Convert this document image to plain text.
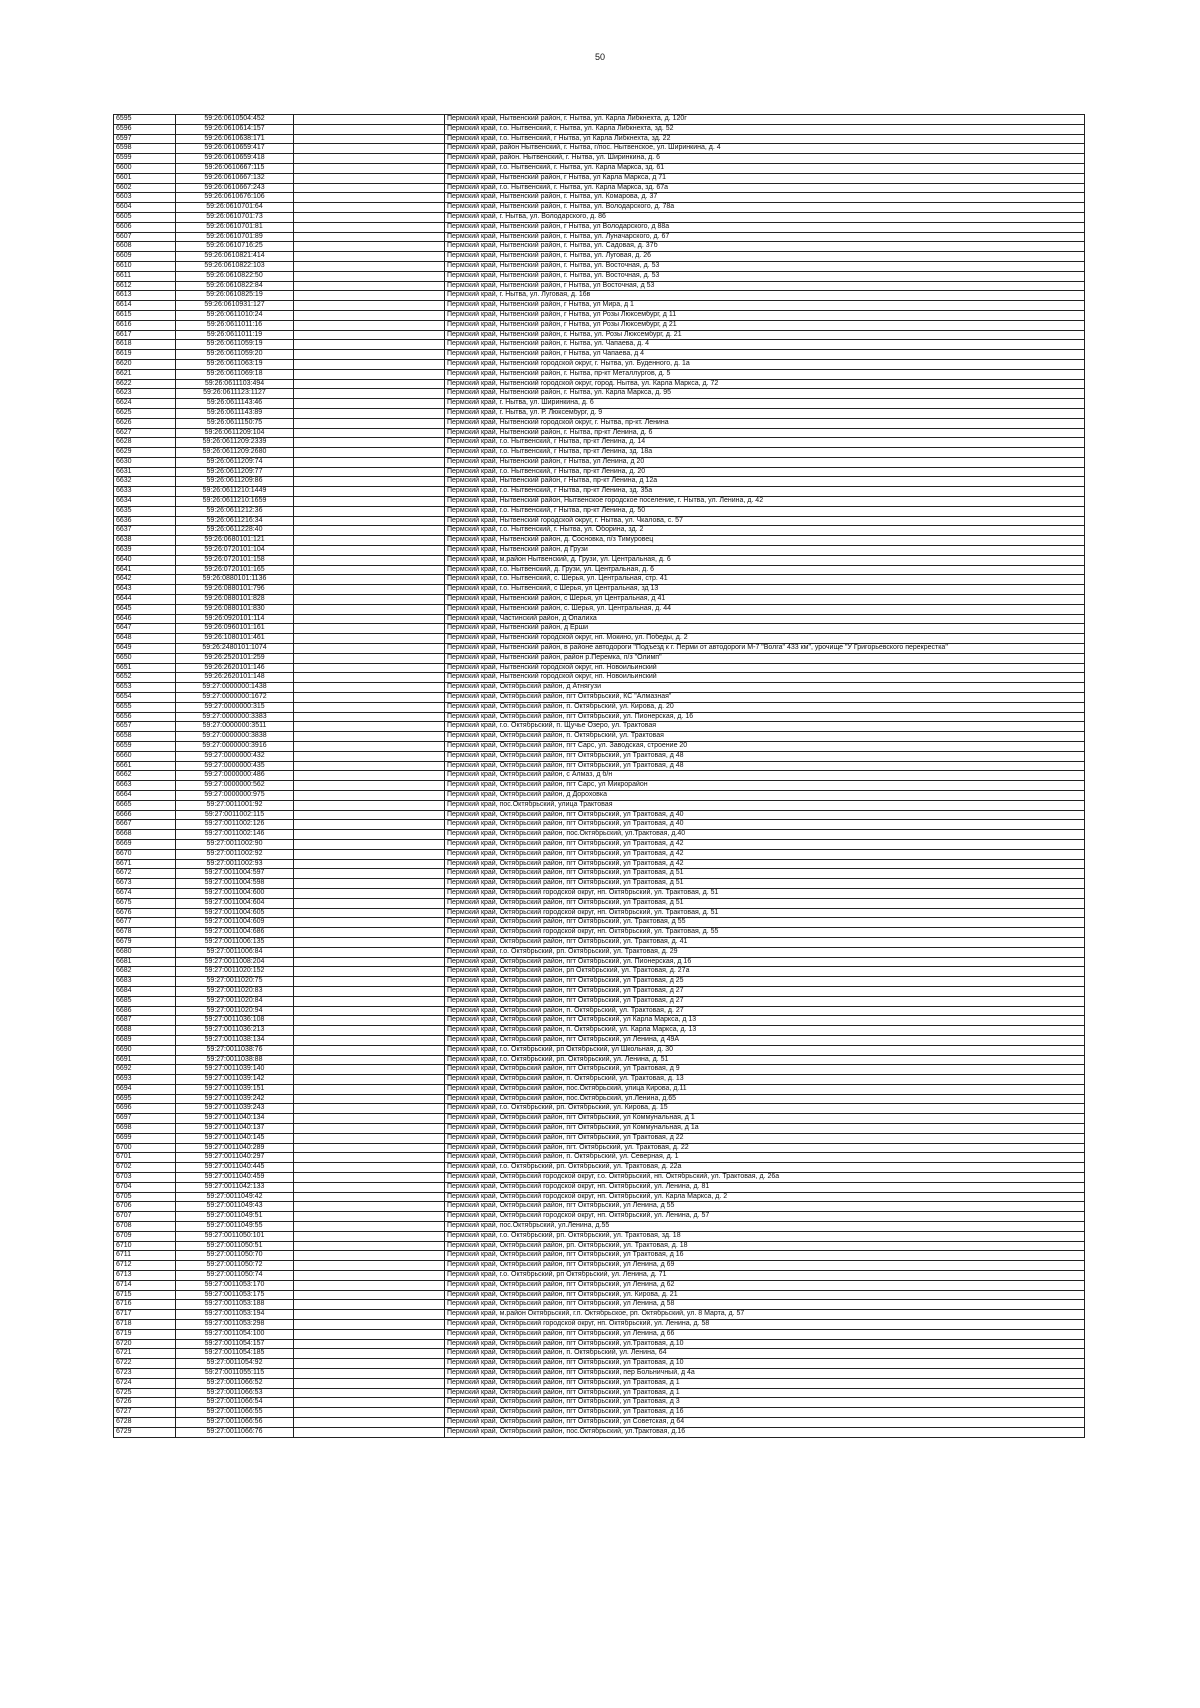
50
6595	59:26:0610504:452		Пермский край, Нытвенский район, г. Нытва, ул. Карла Либкнехта, д. 120г
6596	59:26:0610614:157		Пермский край, г.о. Нытвенский, г. Нытва, ул. Карла Либкнехта, зд. 52
6597	59:26:0610638:171		Пермский край, г.о. Нытвенский, г Нытва, ул Карла Либкнехта, зд. 22
6598	59:26:0610659:417		Пермский край, район Нытвенский, г. Нытва, г/пос. Нытвенское, ул. Ширинкина, д. 4
6599	59:26:0610659:418		Пермский край, район. Нытвенский, г. Нытва, ул. Ширинкина, д. 6
6600	59:26:0610667:115		Пермский край, г.о. Нытвенский, г. Нытва, ул. Карла Маркса, зд. 61
6601	59:26:0610667:132		Пермский край, Нытвенский район, г Нытва, ул Карла Маркса, д 71
6602	59:26:0610667:243		Пермский край, г.о. Нытвенский, г. Нытва, ул. Карла Маркса, зд. 67а
6603	59:26:0610676:106		Пермский край, Нытвенский район, г. Нытва, ул. Комарова, д. 37
6604	59:26:0610701:64		Пермский край, Нытвенский район, г. Нытва, ул. Володарского, д. 78а
6605	59:26:0610701:73		Пермский край, г. Нытва, ул. Володарского, д. 86
6606	59:26:0610701:81		Пермский край, Нытвенский район, г Нытва, ул Володарского, д 88а
6607	59:26:0610701:89		Пермский край, Нытвенский район, г. Нытва, ул. Луначарского, д. 67
6608	59:26:0610716:25		Пермский край, Нытвенский район, г. Нытва, ул. Садовая, д. 37б
6609	59:26:0610821:414		Пермский край, Нытвенский район, г. Нытва, ул. Луговая, д. 26
6610	59:26:0610822:103		Пермский край, Нытвенский район, г. Нытва, ул. Восточная, д. 53
6611	59:26:0610822:50		Пермский край, Нытвенский район, г. Нытва, ул. Восточная, д. 53
6612	59:26:0610822:84		Пермский край, Нытвенский район, г Нытва, ул Восточная, д 53
6613	59:26:0610825:19		Пермский край, г. Нытва, ул. Луговая, д. 16в
6614	59:26:0610931:127		Пермский край, Нытвенский район, г Нытва, ул Мира, д 1
6615	59:26:0611010:24		Пермский край, Нытвенский район, г Нытва, ул Розы Люксембург, д 11
6616	59:26:0611011:16		Пермский край, Нытвенский район, г Нытва, ул Розы Люксембург, д 21
6617	59:26:0611011:19		Пермский край, Нытвенский район, г. Нытва, ул. Розы Люксембург, д. 21
6618	59:26:0611059:19		Пермский край, Нытвенский район, г. Нытва, ул. Чапаева, д. 4
6619	59:26:0611059:20		Пермский край, Нытвенский район, г Нытва, ул Чапаева, д 4
6620	59:26:0611063:19		Пермский край, Нытвенский городской округ, г. Нытва, ул. Буденного, д. 1а
6621	59:26:0611069:18		Пермский край, Нытвенский район, г. Нытва, пр-кт Металлургов, д. 5
6622	59:26:0611103:494		Пермский край, Нытвенский городской округ, город. Нытва, ул. Карла Маркса, д. 72
6623	59:26:0611123:1127		Пермский край, Нытвенский район, г. Нытва, ул. Карла Маркса, д. 95
6624	59:26:0611143:46		Пермский край, г. Нытва, ул. Ширинкина, д. 6
6625	59:26:0611143:89		Пермский край, г. Нытва, ул. Р. Люксембург, д. 9
6626	59:26:0611150:75		Пермский край, Нытвенский городской округ, г. Нытва, пр-кт. Ленина
6627	59:26:0611209:104		Пермский край, Нытвенский район, г. Нытва, пр-кт Ленина, д. 6
6628	59:26:0611209:2339		Пермский край, г.о. Нытвенский, г Нытва, пр-кт Ленина, д. 14
6629	59:26:0611209:2680		Пермский край, г.о. Нытвенский, г Нытва, пр-кт Ленина, зд. 18а
6630	59:26:0611209:74		Пермский край, Нытвенский район, г Нытва, ул Ленина, д 20
6631	59:26:0611209:77		Пермский край, г.о. Нытвенский, г Нытва, пр-кт Ленина, д. 20
6632	59:26:0611209:86		Пермский край, Нытвенский район, г Нытва, пр-кт Ленина, д 12а
6633	59:26:0611210:1449		Пермский край, г.о. Нытвенский, г Нытва, пр-кт Ленина, зд. 35а
6634	59:26:0611210:1659		Пермский край, Нытвенский район, Нытвенское городское поселение, г. Нытва, ул. Ленина, д. 42
6635	59:26:0611212:36		Пермский край, г.о. Нытвенский, г Нытва, пр-кт Ленина, д. 50
6636	59:26:0611216:34		Пермский край, Нытвенский городской округ, г. Нытва, ул. Чкалова, с. 57
6637	59:26:0611228:40		Пермский край, г.о. Нытвенский, г. Нытва, ул. Оборина, зд. 2
6638	59:26:0680101:121		Пермский край, Нытвенский район, д. Сосновка, п/з Тимуровец
6639	59:26:0720101:104		Пермский край, Нытвенский район, д Грузи
6640	59:26:0720101:158		Пермский край, м.район Нытвенский, д. Грузи, ул. Центральная, д. 6
6641	59:26:0720101:165		Пермский край, г.о. Нытвенский, д. Грузи, ул. Центральная, д. 6
6642	59:26:0880101:1136		Пермский край, г.о. Нытвенский, с. Шерья, ул. Центральная, стр. 41
6643	59:26:0880101:796		Пермский край, г.о. Нытвенский, с Шерья, ул Центральная, зд 13
6644	59:26:0880101:828		Пермский край, Нытвенский район, с Шерья, ул Центральная, д 41
6645	59:26:0880101:830		Пермский край, Нытвенский район, с. Шерья, ул. Центральная, д. 44
6646	59:26:0920101:114		Пермский край, Частинский район, д Опалиха
6647	59:26:0960101:161		Пермский край, Нытвенский район, д Ерши
6648	59:26:1080101:461		Пермский край, Нытвенский городской округ, нп. Мокино, ул. Победы, д. 2
6649	59:26:2480101:1074		Пермский край, Нытвенский район, в районе автодороги "Подъезд к г. Перми от автодороги М-7 "Волга" 433 км", урочище "У Григорьевского перекрестка"
6650	59:26:2520101:259		Пермский край, Нытвенский район, район р.Перемка, п/з "Олимп"
6651	59:26:2620101:146		Пермский край, Нытвенский городской округ, нп. Новоильинский
6652	59:26:2620101:148		Пермский край, Нытвенский городской округ, нп. Новоильинский
6653	59:27:0000000:1438		Пермский край, Октябрьский район, д Атнягузи
6654	59:27:0000000:1672		Пермский край, Октябрьский район, пгт Октябрьский, КС "Алмазная"
6655	59:27:0000000:315		Пермский край, Октябрьский район, п. Октябрьский, ул. Кирова, д. 20
6656	59:27:0000000:3383		Пермский край, Октябрьский район, пгт Октябрьский, ул. Пионерская, д. 16
6657	59:27:0000000:3511		Пермский край, г.о. Октябрьский, п. Щучье Озеро, ул. Трактовая
6658	59:27:0000000:3838		Пермский край, Октябрьский район, п. Октябрьский, ул. Трактовая
6659	59:27:0000000:3916		Пермский край, Октябрьский район, пгт Сарс, ул. Заводская, строение 20
6660	59:27:0000000:432		Пермский край, Октябрьский район, пгт Октябрьский, ул Трактовая, д 48
6661	59:27:0000000:435		Пермский край, Октябрьский район, пгт Октябрьский, ул Трактовая, д 48
6662	59:27:0000000:486		Пермский край, Октябрьский район, с Алмаз, д б/н
6663	59:27:0000000:562		Пермский край, Октябрьский район, пгт Сарс, ул Микрорайон
6664	59:27:0000000:975		Пермский край, Октябрьский район, д Дороховка
6665	59:27:0011001:92		Пермский край, пос.Октябрьский, улица Трактовая
6666	59:27:0011002:115		Пермский край, Октябрьский район, пгт Октябрьский, ул Трактовая, д 40
6667	59:27:0011002:126		Пермский край, Октябрьский район, пгт Октябрьский, ул Трактовая, д 40
6668	59:27:0011002:146		Пермский край, Октябрьский район, пос.Октябрьский, ул.Трактовая, д.40
6669	59:27:0011002:90		Пермский край, Октябрьский район, пгт Октябрьский, ул Трактовая, д 42
6670	59:27:0011002:92		Пермский край, Октябрьский район, пгт Октябрьский, ул Трактовая, д 42
6671	59:27:0011002:93		Пермский край, Октябрьский район, пгт Октябрьский, ул Трактовая, д 42
6672	59:27:0011004:597		Пермский край, Октябрьский район, пгт Октябрьский, ул Трактовая, д 51
6673	59:27:0011004:598		Пермский край, Октябрьский район, пгт Октябрьский, ул Трактовая, д 51
6674	59:27:0011004:600		Пермский край, Октябрьский городской округ, нп. Октябрьский, ул. Трактовая, д. 51
6675	59:27:0011004:604		Пермский край, Октябрьский район, пгт Октябрьский, ул Трактовая, д 51
6676	59:27:0011004:605		Пермский край, Октябрьский городской округ, нп. Октябрьский, ул. Трактовая, д. 51
6677	59:27:0011004:609		Пермский край, Октябрьский район, пгт Октябрьский, ул. Трактовая, д 55
6678	59:27:0011004:686		Пермский край, Октябрьский городской округ, нп. Октябрьский, ул. Трактовая, д. 55
6679	59:27:0011006:135		Пермский край, Октябрьский район, пгт Октябрьский, ул. Трактовая, д. 41
6680	59:27:0011006:84		Пермский край, г.о. Октябрьский, рп. Октябрьский, ул. Трактовая, д. 29
6681	59:27:0011008:204		Пермский край, Октябрьский район, пгт Октябрьский, ул. Пионерская, д 16
6682	59:27:0011020:152		Пермский край, Октябрьский район, рп Октябрьский, ул. Трактовая, д. 27а
6683	59:27:0011020:75		Пермский край, Октябрьский район, пгт Октябрьский, ул Трактовая, д 25
6684	59:27:0011020:83		Пермский край, Октябрьский район, пгт Октябрьский, ул Трактовая, д 27
6685	59:27:0011020:84		Пермский край, Октябрьский район, пгт Октябрьский, ул Трактовая, д 27
6686	59:27:0011020:94		Пермский край, Октябрьский район, п. Октябрьский, ул. Трактовая, д. 27
6687	59:27:0011036:108		Пермский край, Октябрьский район, пгт Октябрьский, ул Карла Маркса, д 13
6688	59:27:0011036:213		Пермский край, Октябрьский район, п. Октябрьский, ул. Карла Маркса, д. 13
6689	59:27:0011038:134		Пермский край, Октябрьский район, пгт Октябрьский, ул Ленина, д 49А
6690	59:27:0011038:76		Пермский край, г.о. Октябрьский, рп Октябрьский, ул Школьная, д. 30
6691	59:27:0011038:88		Пермский край, г.о. Октябрьский, рп. Октябрьский, ул. Ленина, д. 51
6692	59:27:0011039:140		Пермский край, Октябрьский район, пгт Октябрьский, ул Трактовая, д 9
6693	59:27:0011039:142		Пермский край, Октябрьский район, п. Октябрьский, ул. Трактовая, д. 13
6694	59:27:0011039:151		Пермский край, Октябрьский район, пос.Октябрьский, улица Кирова, д.11
6695	59:27:0011039:242		Пермский край, Октябрьский район, пос.Октябрьский, ул.Ленина, д.65
6696	59:27:0011039:243		Пермский край, г.о. Октябрьский, рп. Октябрьский, ул. Кирова, д. 15
6697	59:27:0011040:134		Пермский край, Октябрьский район, пгт Октябрьский, ул Коммунальная, д 1
6698	59:27:0011040:137		Пермский край, Октябрьский район, пгт Октябрьский, ул Коммунальная, д 1а
6699	59:27:0011040:145		Пермский край, Октябрьский район, пгт Октябрьский, ул Трактовая, д 22
6700	59:27:0011040:289		Пермский край, Октябрьский район, пгт. Октябрьский, ул. Трактовая, д. 22
6701	59:27:0011040:297		Пермский край, Октябрьский район, п. Октябрьский, ул. Северная, д. 1
6702	59:27:0011040:445		Пермский край, г.о. Октябрьский, рп. Октябрьский, ул. Трактовая, д. 22а
6703	59:27:0011040:459		Пермский край, Октябрьский городской округ, г.о. Октябрьский, нп. Октябрьский, ул. Трактовая, д. 26а
6704	59:27:0011042:133		Пермский край, Октябрьский городской округ, нп. Октябрьский, ул. Ленина, д. 81
6705	59:27:0011049:42		Пермский край, Октябрьский городской округ, нп. Октябрьский, ул. Карла Маркса, д. 2
6706	59:27:0011049:43		Пермский край, Октябрьский район, пгт Октябрьский, ул Ленина, д 55
6707	59:27:0011049:51		Пермский край, Октябрьский городской округ, нп. Октябрьский, ул. Ленина, д. 57
6708	59:27:0011049:55		Пермский край, пос.Октябрьский, ул.Ленина, д.55
6709	59:27:0011050:101		Пермский край, г.о. Октябрьский, рп. Октябрьский, ул. Трактовая, зд. 18
6710	59:27:0011050:51		Пермский край, Октябрьский район, рп. Октябрьский, ул. Трактовая, д. 18
6711	59:27:0011050:70		Пермский край, Октябрьский район, пгт Октябрьский, ул Трактовая, д 16
6712	59:27:0011050:72		Пермский край, Октябрьский район, пгт Октябрьский, ул Ленина, д 69
6713	59:27:0011050:74		Пермский край, г.о. Октябрьский, рп Октябрьский, ул. Ленина, д. 71
6714	59:27:0011053:170		Пермский край, Октябрьский район, пгт Октябрьский, ул Ленина, д 62
6715	59:27:0011053:175		Пермский край, Октябрьский район, пгт Октябрьский, ул. Кирова, д. 21
6716	59:27:0011053:188		Пермский край, Октябрьский район, пгт Октябрьский, ул Ленина, д 58
6717	59:27:0011053:194		Пермский край, м.район Октябрьский, г.п. Октябрьское, рп. Октябрьский, ул. 8 Марта, д. 57
6718	59:27:0011053:298		Пермский край, Октябрьский городской округ, нп. Октябрьский, ул. Ленина, д. 58
6719	59:27:0011054:100		Пермский край, Октябрьский район, пгт Октябрьский, ул Ленина, д 66
6720	59:27:0011054:157		Пермский край, Октябрьский район, пгт Октябрьский, ул.Трактовая, д.10
6721	59:27:0011054:185		Пермский край, Октябрьский район, п. Октябрьский, ул. Ленина, 64
6722	59:27:0011054:92		Пермский край, Октябрьский район, пгт Октябрьский, ул Трактовая, д 10
6723	59:27:0011055:115		Пермский край, Октябрьский район, пгт Октябрьский, пер Больничный, д 4а
6724	59:27:0011066:52		Пермский край, Октябрьский район, пгт Октябрьский, ул Трактовая, д 1
6725	59:27:0011066:53		Пермский край, Октябрьский район, пгт Октябрьский, ул Трактовая, д 1
6726	59:27:0011066:54		Пермский край, Октябрьский район, пгт Октябрьский, ул Трактовая, д 3
6727	59:27:0011066:55		Пермский край, Октябрьский район, пгт Октябрьский, ул Трактовая, д 16
6728	59:27:0011066:56		Пермский край, Октябрьский район, пгт Октябрьский, ул Советская, д 64
6729	59:27:0011066:76		Пермский край, Октябрьский район, пос.Октябрьский, ул.Трактовая, д.16
